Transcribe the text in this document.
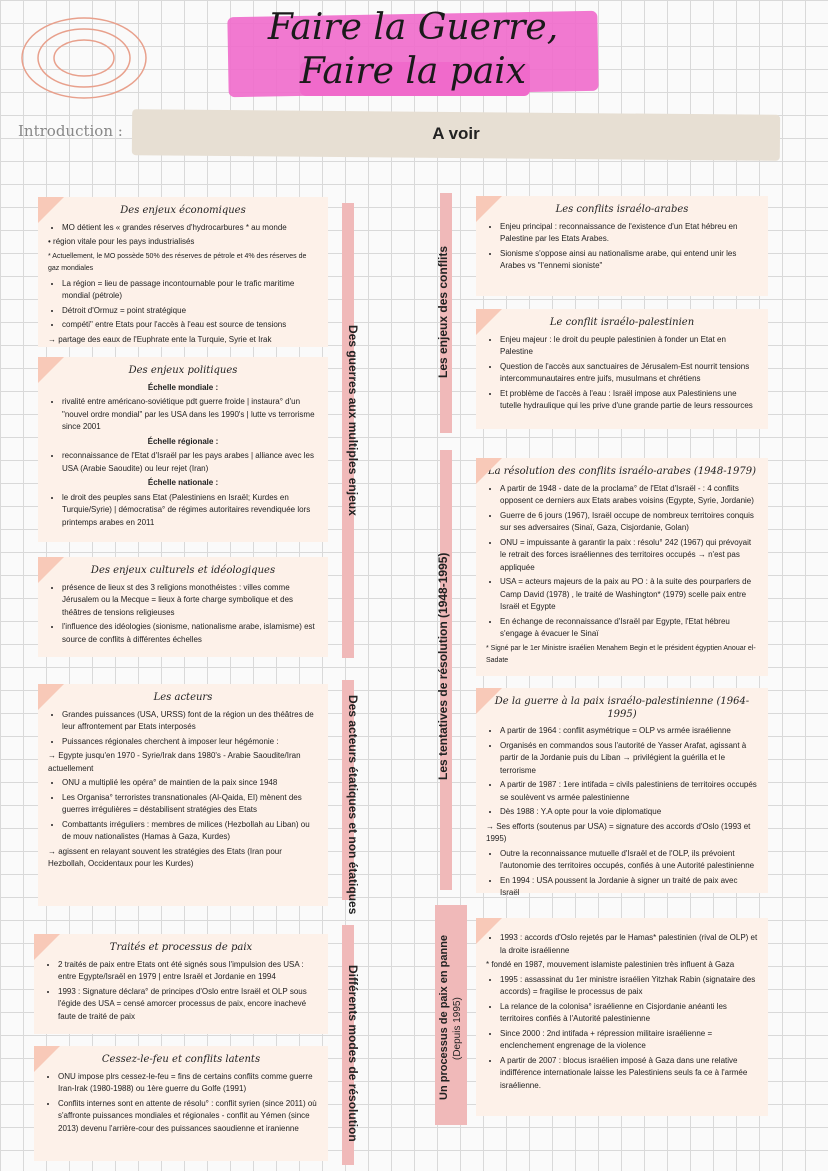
Faire la Guerre,
Faire la paix
Introduction :	A voir
Des guerres aux multiples enjeux
Des acteurs étatiques et non étatiques
Différents modes de résolution
Les enjeux des conflits
Les tentatives de résolution (1948-1995)
Un processus de paix en panne (Depuis 1995)
Des enjeux économiques
• MO détient les « grandes réserves d'hydrocarbures * au monde
• région vitale pour les pays industrialisés
* Actuellement, le MO possède 50% des réserves de pétrole et 4% des réserves de gaz mondiales
• La région = lieu de passage incontournable pour le trafic maritime mondial (pétrole)
• Détroit d'Ormuz = point stratégique
• compéti" entre Etats pour l'accès à l'eau est source de tensions
→ partage des eaux de l'Euphrate ente la Turquie, Syrie et Irak
Des enjeux politiques
Échelle mondiale :
• rivalité entre américano-soviétique pdt guerre froide | instaura° d'un "nouvel ordre mondial" par les USA dans les 1990's | lutte vs terrorisme since 2001
Échelle régionale :
• reconnaissance de l'Etat d'Israël par les pays arabes | alliance avec les USA (Arabie Saoudite) ou leur rejet (Iran)
Échelle nationale :
• le droit des peuples sans Etat (Palestiniens en Israël; Kurdes en Turquie/Syrie) | démocratisa° de régimes autoritaires revendiquée lors printemps arabes en 2011
Des enjeux culturels et idéologiques
• présence de lieux st des 3 religions monothéistes : villes comme Jérusalem ou la Mecque = lieux à forte charge symbolique et des théâtres de tensions religieuses
• l'influence des idéologies (sionisme, nationalisme arabe, islamisme) est source de conflits à différentes échelles
Les acteurs
• Grandes puissances (USA, URSS) font de la région un des théâtres de leur affrontement par Etats interposés
• Puissances régionales cherchent à imposer leur hégémonie :
→ Egypte jusqu'en 1970 - Syrie/Irak dans 1980's - Arabie Saoudite/Iran actuellement
• ONU a multiplié les opéra° de maintien de la paix since 1948
• Les Organisa° terroristes transnationales (Al-Qaida, EI) mènent des guerres irrégulières = déstabilisent stratégies des Etats
• Combattants irréguliers : membres de milices (Hezbollah au Liban) ou de mouv nationalistes (Hamas à Gaza, Kurdes)
→ agissent en relayant souvent les stratégies des Etats (Iran pour Hezbollah, Occidentaux pour les Kurdes)
Traités et processus de paix
• 2 traités de paix entre Etats ont été signés sous l'impulsion des USA : entre Egypte/Israël en 1979 | entre Israël et Jordanie en 1994
• 1993 : Signature déclara° de principes d'Oslo entre Israël et OLP sous l'égide des USA = censé amorcer processus de paix, encore inachevé faute de traité de paix
Cessez-le-feu et conflits latents
• ONU impose plrs cessez-le-feu = fins de certains conflits comme guerre Iran-Irak (1980-1988) ou 1ère guerre du Golfe (1991)
• Conflits internes sont en attente de résolu° : conflit syrien (since 2011) où s'affronte puissances mondiales et régionales - conflit au Yémen (since 2013) devenu l'arrière-cour des puissances saoudienne et iranienne
Les conflits israélo-arabes
• Enjeu principal : reconnaissance de l'existence d'un Etat hébreu en Palestine par les Etats Arabes.
• Sionisme s'oppose ainsi au nationalisme arabe, qui entend unir les Arabes vs "l'ennemi sioniste"
Le conflit israélo-palestinien
• Enjeu majeur : le droit du peuple palestinien à fonder un Etat en Palestine
• Question de l'accès aux sanctuaires de Jérusalem-Est nourrit tensions intercommunautaires entre juifs, musulmans et chrétiens
• Et problème de l'accès à l'eau : Israël impose aux Palestiniens une tutelle hydraulique qui les prive d'une grande partie de leurs ressources
La résolution des conflits israélo-arabes (1948-1979)
• A partir de 1948 - date de la proclama° de l'Etat d'Israël - : 4 conflits opposent ce derniers aux Etats arabes voisins (Egypte, Syrie, Jordanie)
• Guerre de 6 jours (1967), Israël occupe de nombreux territoires conquis sur ses adversaires (Sinaï, Gaza, Cisjordanie, Golan)
• ONU = impuissante à garantir la paix : résolu° 242 (1967) qui prévoyait le retrait des forces israéliennes des territoires occupés → n'est pas appliquée
• USA = acteurs majeurs de la paix au PO : à la suite des pourparlers de Camp David (1978) , le traité de Washington* (1979) scelle paix entre Israël et Egypte
• En échange de reconnaissance d'Israël par Egypte, l'Etat hébreu s'engage à évacuer le Sinaï
* Signé par le 1er Ministre israélien Menahem Begin et le président égyptien Anouar el-Sadate
De la guerre à la paix israélo-palestinienne (1964-1995)
• A partir de 1964 : conflit asymétrique = OLP vs armée israélienne
• Organisés en commandos sous l'autorité de Yasser Arafat, agissant à partir de la Jordanie puis du Liban → privilégient la guérilla et le terrorisme
• A partir de 1987 : 1ere intifada = civils palestiniens de territoires occupés se soulèvent vs armée palestinienne
• Dès 1988 : Y.A opte pour la voie diplomatique
→ Ses efforts (soutenus par USA) = signature des accords d'Oslo (1993 et 1995)
• Outre la reconnaissance mutuelle d'Israël et de l'OLP, ils prévoient l'autonomie des territoires occupés, confiés à une Autorité palestinienne
• En 1994 : USA poussent la Jordanie à signer un traité de paix avec Israël
• 1993 : accords d'Oslo rejetés par le Hamas* palestinien (rival de OLP) et la droite israélienne
* fondé en 1987, mouvement islamiste palestinien très influent à Gaza
• 1995 : assassinat du 1er ministre israélien Yitzhak Rabin (signataire des accords) = fragilise le processus de paix
• La relance de la colonisa° israélienne en Cisjordanie anéanti les territoires confiés à l'Autorité palestinienne
• Since 2000 : 2nd intifada + répression militaire israélienne = enclenchement engrenage de la violence
• A partir de 2007 : blocus israélien imposé à Gaza dans une relative indifférence internationale laisse les Palestiniens seuls fa ce à l'armée israélienne.
